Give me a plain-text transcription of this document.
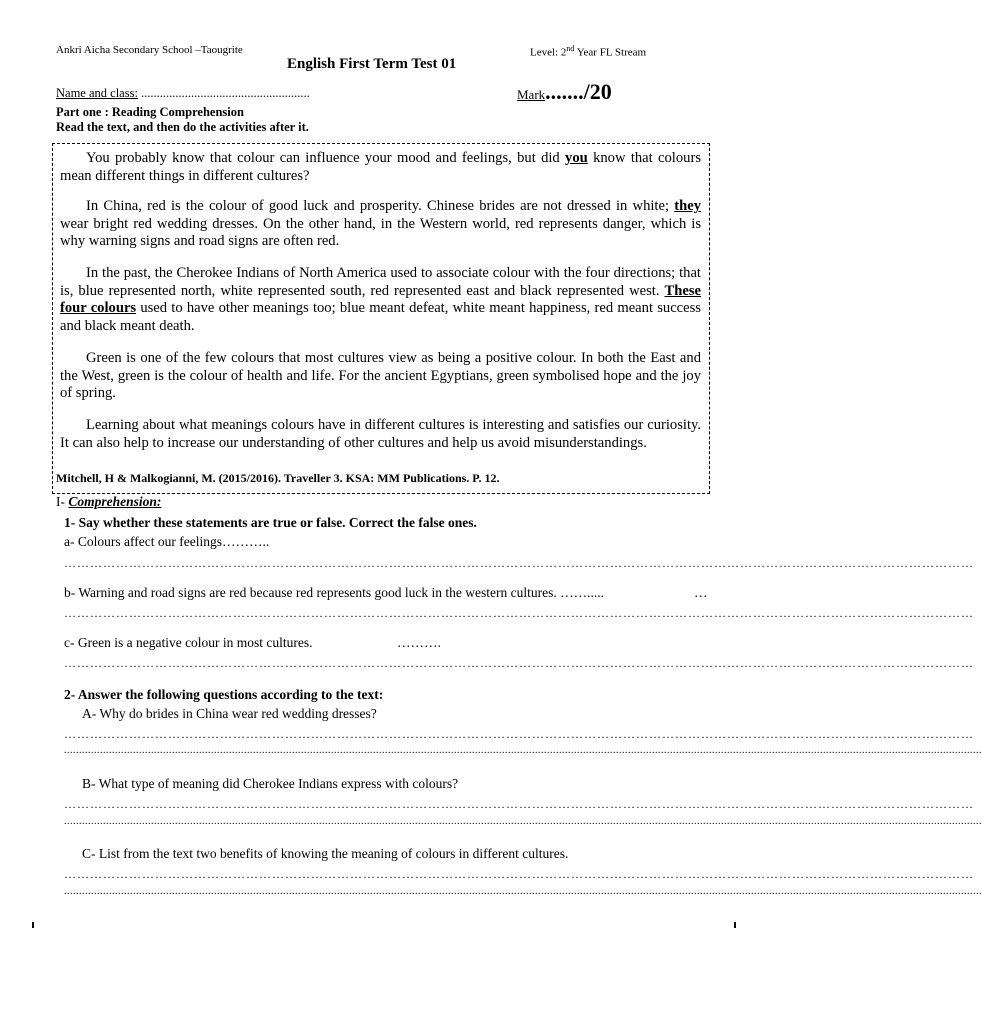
Ankri Aicha Secondary School –Taougrite	Level: 2nd Year FL Stream
English First Term Test 01
Name and class: ......................................................	Mark......./20
Part one : Reading Comprehension
Read the text, and then do the activities after it.
You probably know that colour can influence your mood and feelings, but did you know that colours mean different things in different cultures?
In China, red is the colour of good luck and prosperity. Chinese brides are not dressed in white; they wear bright red wedding dresses. On the other hand, in the Western world, red represents danger, which is why warning signs and road signs are often red.
In the past, the Cherokee Indians of North America used to associate colour with the four directions; that is, blue represented north, white represented south, red represented east and black represented west. These four colours used to have other meanings too; blue meant defeat, white meant happiness, red meant success and black meant death.
Green is one of the few colours that most cultures view as being a positive colour. In both the East and the West, green is the colour of health and life. For the ancient Egyptians, green symbolised hope and the joy of spring.
Learning about what meanings colours have in different cultures is interesting and satisfies our curiosity. It can also help to increase our understanding of other cultures and help us avoid misunderstandings.
Mitchell, H & Malkogianni, M. (2015/2016). Traveller 3. KSA: MM Publications. P. 12.
I- Comprehension:
1- Say whether these statements are true or false. Correct the false ones.
a- Colours affect our feelings………..
…………………………………………………………………………………………………………………………………………………………………………………………
b- Warning and road signs are red because red represents good luck in the western cultures. …….....	…
…………………………………………………………………………………………………………………………………………………………………………………………
c- Green is a negative colour in most cultures.	……….
…………………………………………………………………………………………………………………………………………………………………………………………
2- Answer the following questions according to the text:
A- Why do brides in China wear red wedding dresses?
…………………………………………………………………………………………………………………………………………………………………………………………
..................................................................................................................................................................................................................................................................................................................
B- What type of meaning did Cherokee Indians express with colours?
…………………………………………………………………………………………………………………………………………………………………………………………
..................................................................................................................................................................................................................................................................................................................
C- List from the text two benefits of knowing the meaning of colours in different cultures.
…………………………………………………………………………………………………………………………………………………………………………………………
..................................................................................................................................................................................................................................................................................................................
